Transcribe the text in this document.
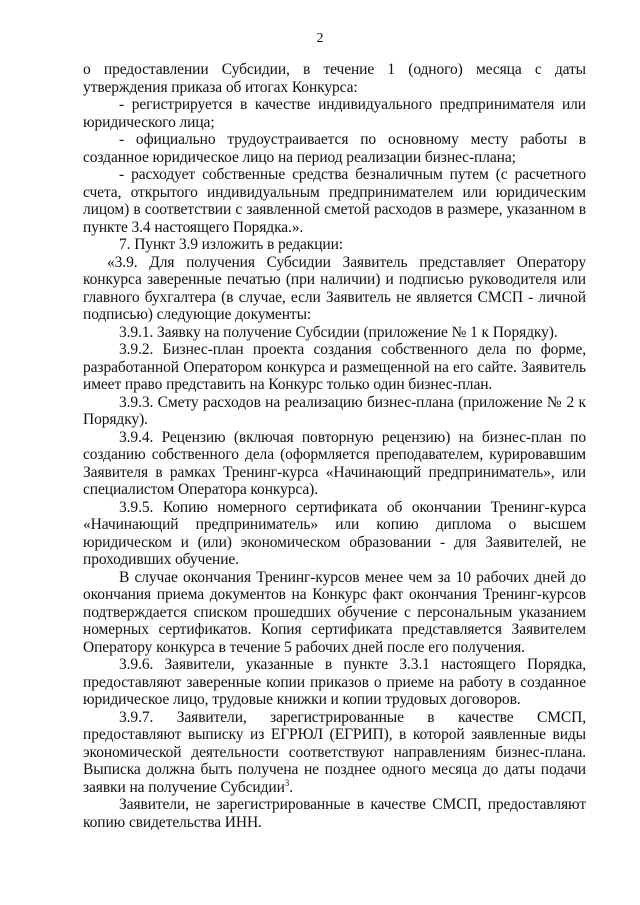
2

о предоставлении Субсидии, в течение 1 (одного) месяца с даты утверждения приказа об итогах Конкурса:

- регистрируется в качестве индивидуального предпринимателя или юридического лица;

- официально трудоустраивается по основному месту работы в созданное юридическое лицо на период реализации бизнес-плана;

- расходует собственные средства безналичным путем (с расчетного счета, открытого индивидуальным предпринимателем или юридическим лицом) в соответствии с заявленной сметой расходов в размере, указанном в пункте 3.4 настоящего Порядка.».

7. Пункт 3.9 изложить в редакции:

«3.9. Для получения Субсидии Заявитель представляет Оператору конкурса заверенные печатью (при наличии) и подписью руководителя или главного бухгалтера (в случае, если Заявитель не является СМСП - личной подписью) следующие документы:

3.9.1. Заявку на получение Субсидии (приложение № 1 к Порядку).

3.9.2. Бизнес-план проекта создания собственного дела по форме, разработанной Оператором конкурса и размещенной на его сайте. Заявитель имеет право представить на Конкурс только один бизнес-план.

3.9.3. Смету расходов на реализацию бизнес-плана (приложение № 2 к Порядку).

3.9.4. Рецензию (включая повторную рецензию) на бизнес-план по созданию собственного дела (оформляется преподавателем, курировавшим Заявителя в рамках Тренинг-курса «Начинающий предприниматель», или специалистом Оператора конкурса).

3.9.5. Копию номерного сертификата об окончании Тренинг-курса «Начинающий предприниматель» или копию диплома о высшем юридическом и (или) экономическом образовании - для Заявителей, не проходивших обучение.

В случае окончания Тренинг-курсов менее чем за 10 рабочих дней до окончания приема документов на Конкурс факт окончания Тренинг-курсов подтверждается списком прошедших обучение с персональным указанием номерных сертификатов. Копия сертификата представляется Заявителем Оператору конкурса в течение 5 рабочих дней после его получения.

3.9.6. Заявители, указанные в пункте 3.3.1 настоящего Порядка, предоставляют заверенные копии приказов о приеме на работу в созданное юридическое лицо, трудовые книжки и копии трудовых договоров.

3.9.7. Заявители, зарегистрированные в качестве СМСП, предоставляют выписку из ЕГРЮЛ (ЕГРИП), в которой заявленные виды экономической деятельности соответствуют направлениям бизнес-плана. Выписка должна быть получена не позднее одного месяца до даты подачи заявки на получение Субсидии$^3$.

Заявители, не зарегистрированные в качестве СМСП, предоставляют копию свидетельства ИНН.
